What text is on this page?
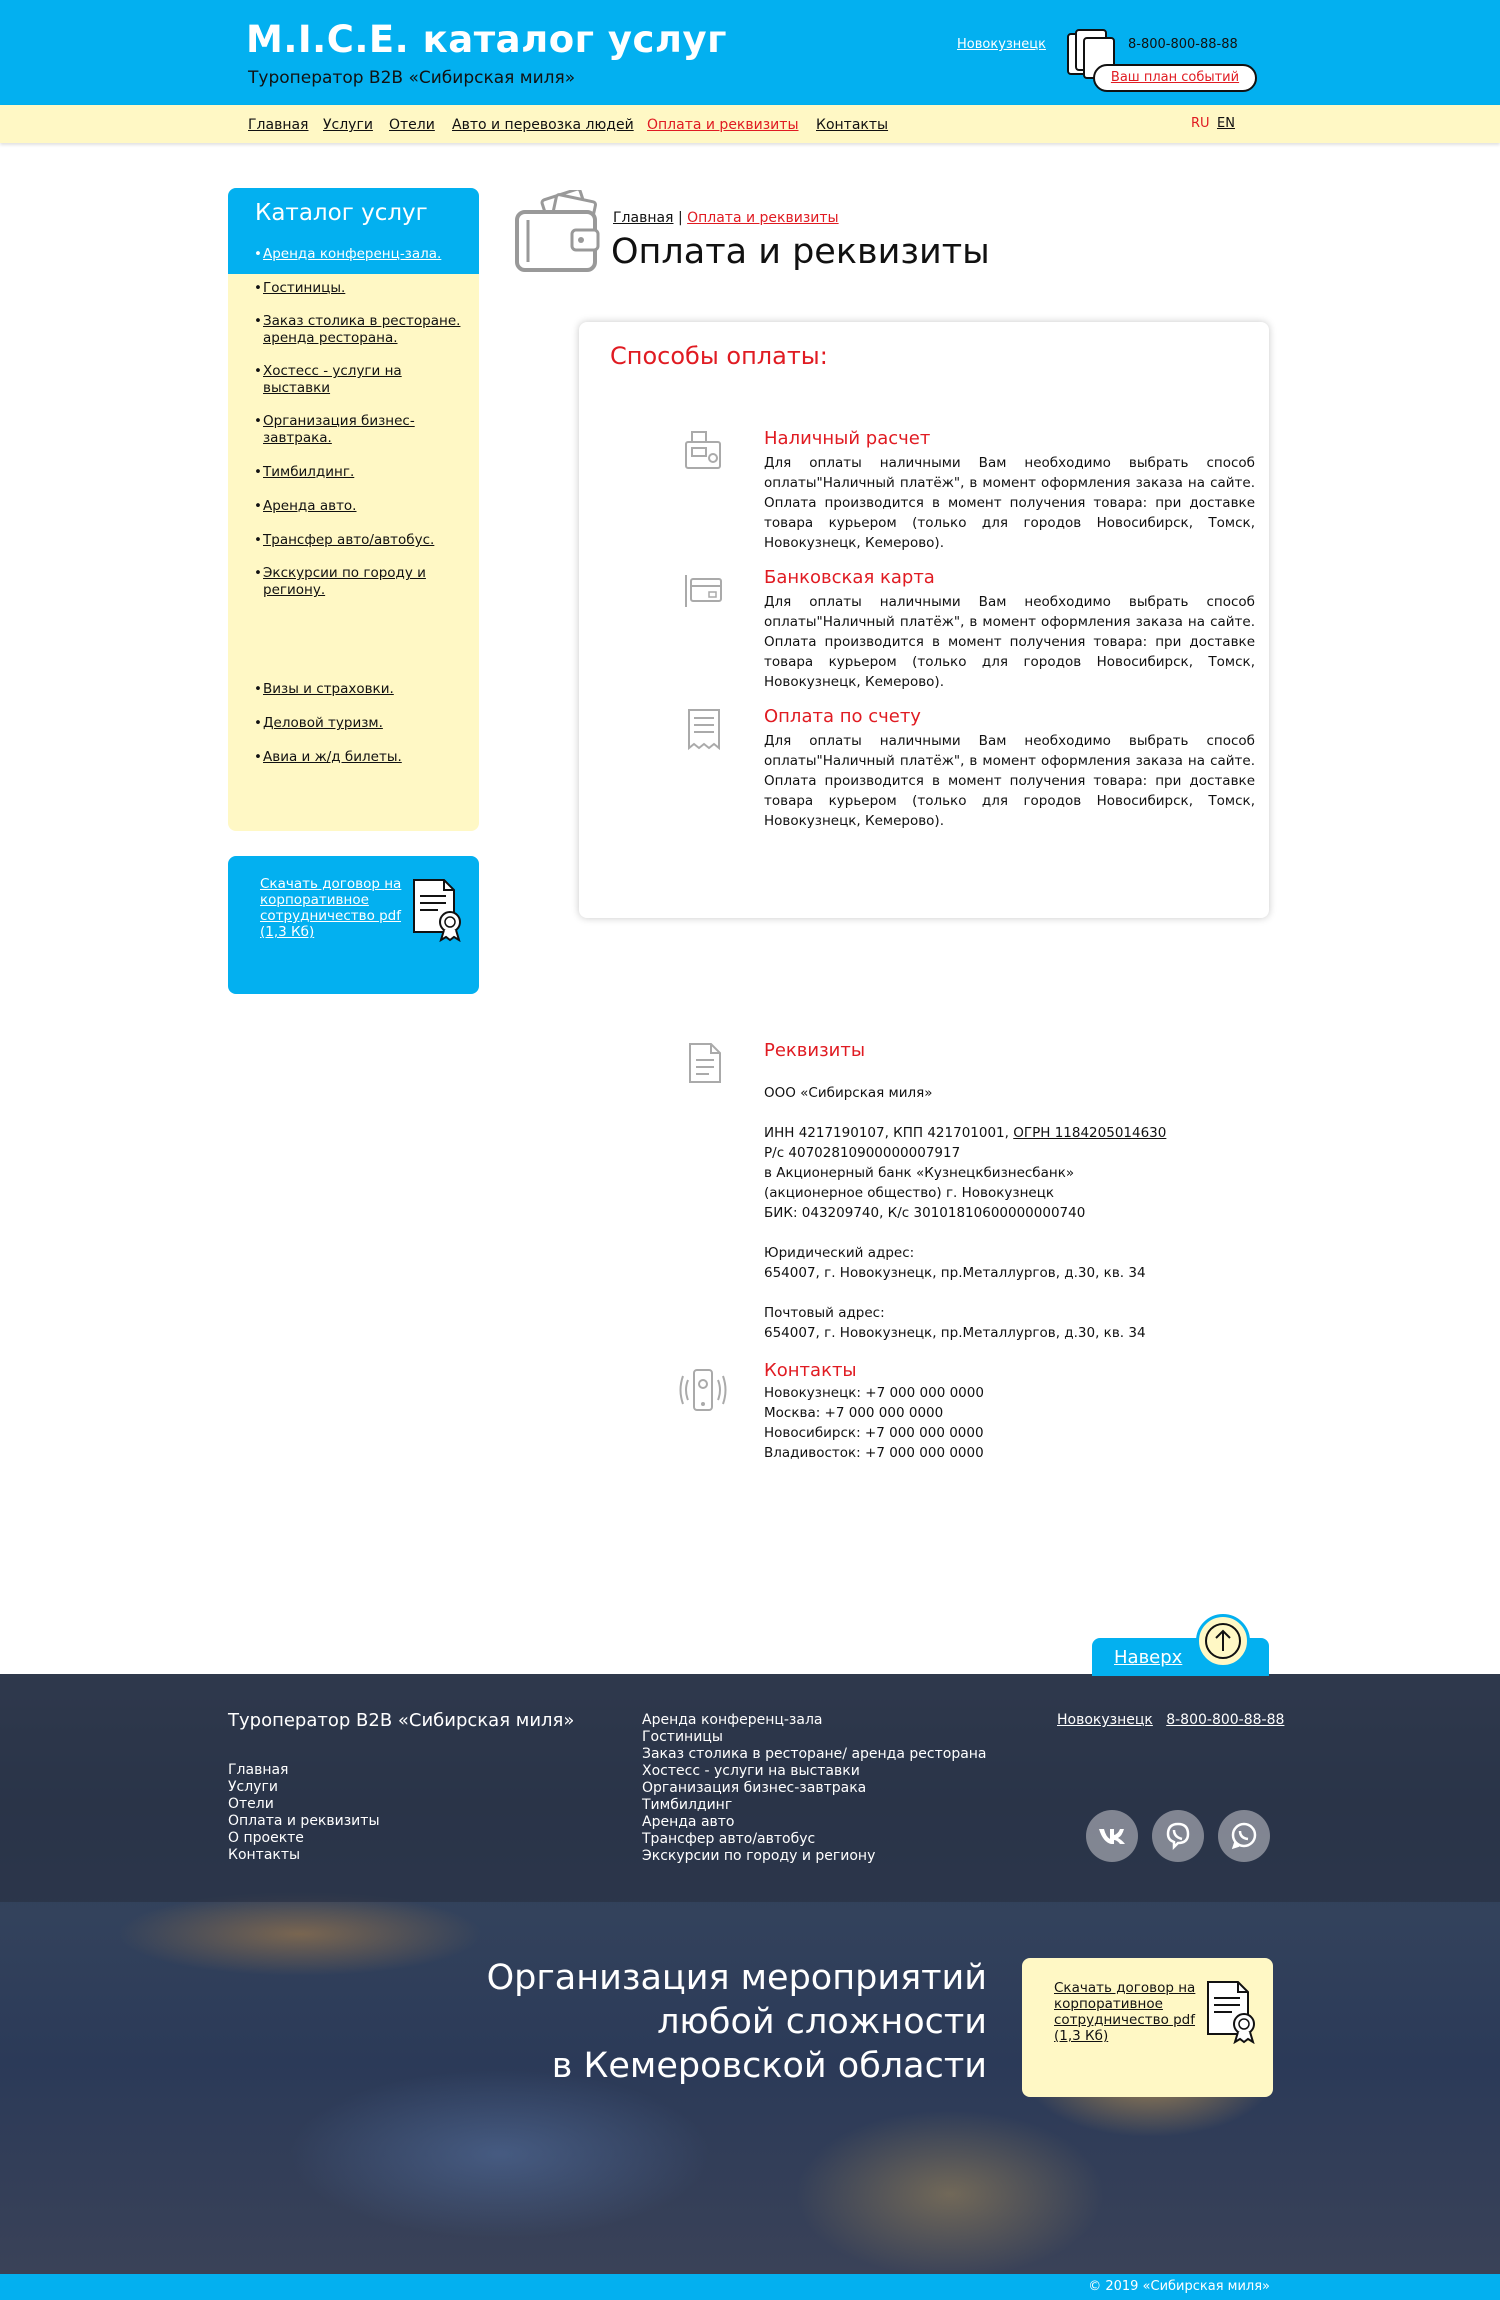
M.I.C.E. каталог услуг
Туроператор B2B «Сибирская миля»
Новокузнецк	8-800-800-88-88
Ваш план событий
Главная Услуги Отели Авто и перевозка людей Оплата и реквизиты Контакты	RU EN
Каталог услуг
• Аренда конференц-зала.
• Гостиницы.
• Заказ столика в ресторане. аренда ресторана.
• Хостесс - услуги на выставки
• Организация бизнес-завтрака.
• Тимбилдинг.
• Аренда авто.
• Трансфер авто/автобус.
• Экскурсии по городу и региону.
• Визы и страховки.
• Деловой туризм.
• Авиа и ж/д билеты.
Скачать договор на корпоративное сотрудничество pdf (1,3 Кб)
Главная | Оплата и реквизиты
Оплата и реквизиты
Способы оплаты:
Наличный расчет
Для оплаты наличными Вам необходимо выбрать способ оплаты"Наличный платёж", в момент оформления заказа на сайте. Оплата производится в момент получения товара: при доставке товара курьером (только для городов Новосибирск, Томск, Новокузнецк, Кемерово).
Банковская карта
Для оплаты наличными Вам необходимо выбрать способ оплаты"Наличный платёж", в момент оформления заказа на сайте. Оплата производится в момент получения товара: при доставке товара курьером (только для городов Новосибирск, Томск, Новокузнецк, Кемерово).
Оплата по счету
Для оплаты наличными Вам необходимо выбрать способ оплаты"Наличный платёж", в момент оформления заказа на сайте. Оплата производится в момент получения товара: при доставке товара курьером (только для городов Новосибирск, Томск, Новокузнецк, Кемерово).
Реквизиты
ООО «Сибирская миля»
ИНН 4217190107, КПП 421701001, ОГРН 1184205014630
Р/с 40702810900000007917
в Акционерный банк «Кузнецкбизнесбанк»
(акционерное общество) г. Новокузнецк
БИК: 043209740, К/с 30101810600000000740
Юридический адрес:
654007, г. Новокузнецк, пр.Металлургов, д.30, кв. 34
Почтовый адрес:
654007, г. Новокузнецк, пр.Металлургов, д.30, кв. 34
Контакты
Новокузнецк: +7 000 000 0000
Москва: +7 000 000 0000
Новосибирск: +7 000 000 0000
Владивосток: +7 000 000 0000
Туроператор B2B «Сибирская миля»
Главная
Услуги
Отели
Оплата и реквизиты
О проекте
Контакты
Аренда конференц-зала
Гостиницы
Заказ столика в ресторане/ аренда ресторана
Хостесс - услуги на выставки
Организация бизнес-завтрака
Тимбилдинг
Аренда авто
Трансфер авто/автобус
Экскурсии по городу и региону
Новокузнецк 8-800-800-88-88
Организация мероприятий
любой сложности
в Кемеровской области
Скачать договор на корпоративное сотрудничество pdf (1,3 Кб)
Наверх
© 2019 «Сибирская миля»
